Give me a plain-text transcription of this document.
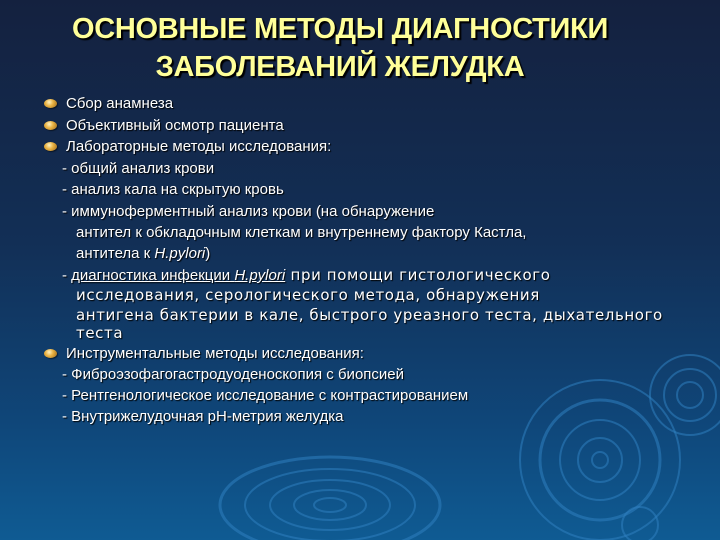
ОСНОВНЫЕ МЕТОДЫ ДИАГНОСТИКИ
ЗАБОЛЕВАНИЙ ЖЕЛУДКА
Сбор анамнеза
Объективный осмотр пациента
Лабораторные методы исследования:
- общий анализ крови
- анализ кала на скрытую кровь
- иммуноферментный анализ крови (на обнаружение
антител к обкладочным клеткам и внутреннему фактору Кастла,
антитела к H.pylori)
- диагностика инфекции H.pylori при помощи гистологического
исследования, серологического метода, обнаружения
антигена бактерии в кале, быстрого уреазного теста, дыхательного
теста
Инструментальные методы исследования:
- Фиброэзофагогастродуоденоскопия с биопсией
- Рентгенологическое исследование с контрастированием
- Внутрижелудочная рН-метрия желудка
